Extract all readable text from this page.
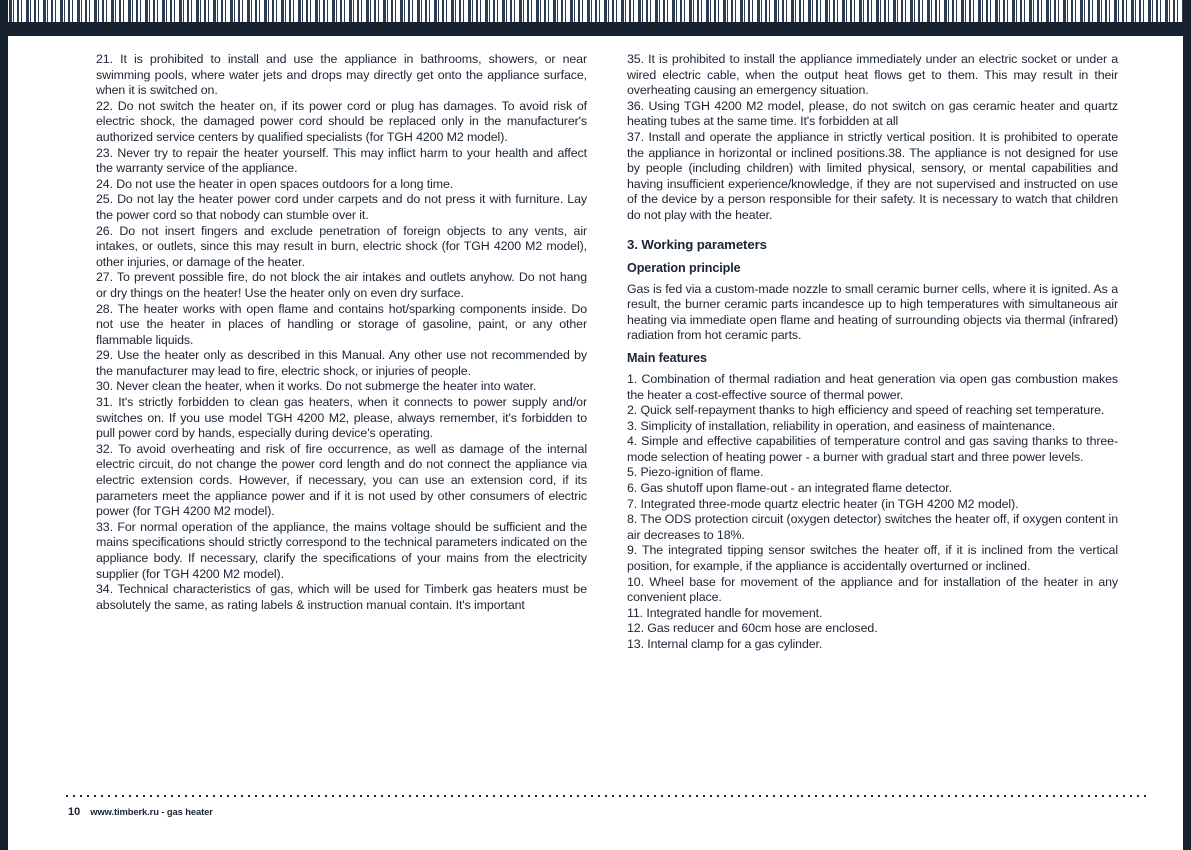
21. It is prohibited to install and use the appliance in bathrooms, showers, or near swimming pools, where water jets and drops may directly get onto the appliance surface, when it is switched on.

22. Do not switch the heater on, if its power cord or plug has damages. To avoid risk of electric shock, the damaged power cord should be replaced only in the manufacturer's authorized service centers by qualified specialists (for TGH 4200 M2 model).

23. Never try to repair the heater yourself. This may inflict harm to your health and affect the warranty service of the appliance.

24. Do not use the heater in open spaces outdoors for a long time.

25. Do not lay the heater power cord under carpets and do not press it with furniture. Lay the power cord so that nobody can stumble over it.

26. Do not insert fingers and exclude penetration of foreign objects to any vents, air intakes, or outlets, since this may result in burn, electric shock (for TGH 4200 M2 model), other injuries, or damage of the heater.

27. To prevent possible fire, do not block the air intakes and outlets anyhow. Do not hang or dry things on the heater! Use the heater only on even dry surface.

28. The heater works with open flame and contains hot/sparking components inside. Do not use the heater in places of handling or storage of gasoline, paint, or any other flammable liquids.

29. Use the heater only as described in this Manual. Any other use not recommended by the manufacturer may lead to fire, electric shock, or injuries of people.

30. Never clean the heater, when it works. Do not submerge the heater into water.

31. It's strictly forbidden to clean gas heaters, when it connects to power supply and/or switches on. If you use model TGH 4200 M2, please, always remember, it's forbidden to pull power cord by hands, especially during device's operating.

32. To avoid overheating and risk of fire occurrence, as well as damage of the internal electric circuit, do not change the power cord length and do not connect the appliance via electric extension cords. However, if necessary, you can use an extension cord, if its parameters meet the appliance power and if it is not used by other consumers of electric power (for TGH 4200 M2 model).

33. For normal operation of the appliance, the mains voltage should be sufficient and the mains specifications should strictly correspond to the technical parameters indicated on the appliance body. If necessary, clarify the specifications of your mains from the electricity supplier (for TGH 4200 M2 model).

34. Technical characteristics of gas, which will be used for Timberk gas heaters must be absolutely the same, as rating labels & instruction manual contain. It's important

35. It is prohibited to install the appliance immediately under an electric socket or under a wired electric cable, when the output heat flows get to them. This may result in their overheating causing an emergency situation.

36. Using TGH 4200 M2 model, please, do not switch on gas ceramic heater and quartz heating tubes at the same time. It's forbidden at all

37. Install and operate the appliance in strictly vertical position. It is prohibited to operate the appliance in horizontal or inclined positions.38. The appliance is not designed for use by people (including children) with limited physical, sensory, or mental capabilities and having insufficient experience/knowledge, if they are not supervised and instructed on use of the device by a person responsible for their safety. It is necessary to watch that children do not play with the heater.

3. Working parameters
Operation principle

Gas is fed via a custom-made nozzle to small ceramic burner cells, where it is ignited. As a result, the burner ceramic parts incandesce up to high temperatures with simultaneous air heating via immediate open flame and heating of surrounding objects via thermal (infrared) radiation from hot ceramic parts.

Main features

1. Combination of thermal radiation and heat generation via open gas combustion makes the heater a cost-effective source of thermal power.

2. Quick self-repayment thanks to high efficiency and speed of reaching set temperature.

3. Simplicity of installation, reliability in operation, and easiness of maintenance.

4. Simple and effective capabilities of temperature control and gas saving thanks to three-mode selection of heating power - a burner with gradual start and three power levels.

5. Piezo-ignition of flame.

6. Gas shutoff upon flame-out - an integrated flame detector.

7. Integrated three-mode quartz electric heater (in TGH 4200 M2 model).

8. The ODS protection circuit (oxygen detector) switches the heater off, if oxygen content in air decreases to 18%.

9. The integrated tipping sensor switches the heater off, if it is inclined from the vertical position, for example, if the appliance is accidentally overturned or inclined.

10. Wheel base for movement of the appliance and for installation of the heater in any convenient place.

11. Integrated handle for movement.

12. Gas reducer and 60cm hose are enclosed.

13. Internal clamp for a gas cylinder.

10 www.timberk.ru - gas heater
